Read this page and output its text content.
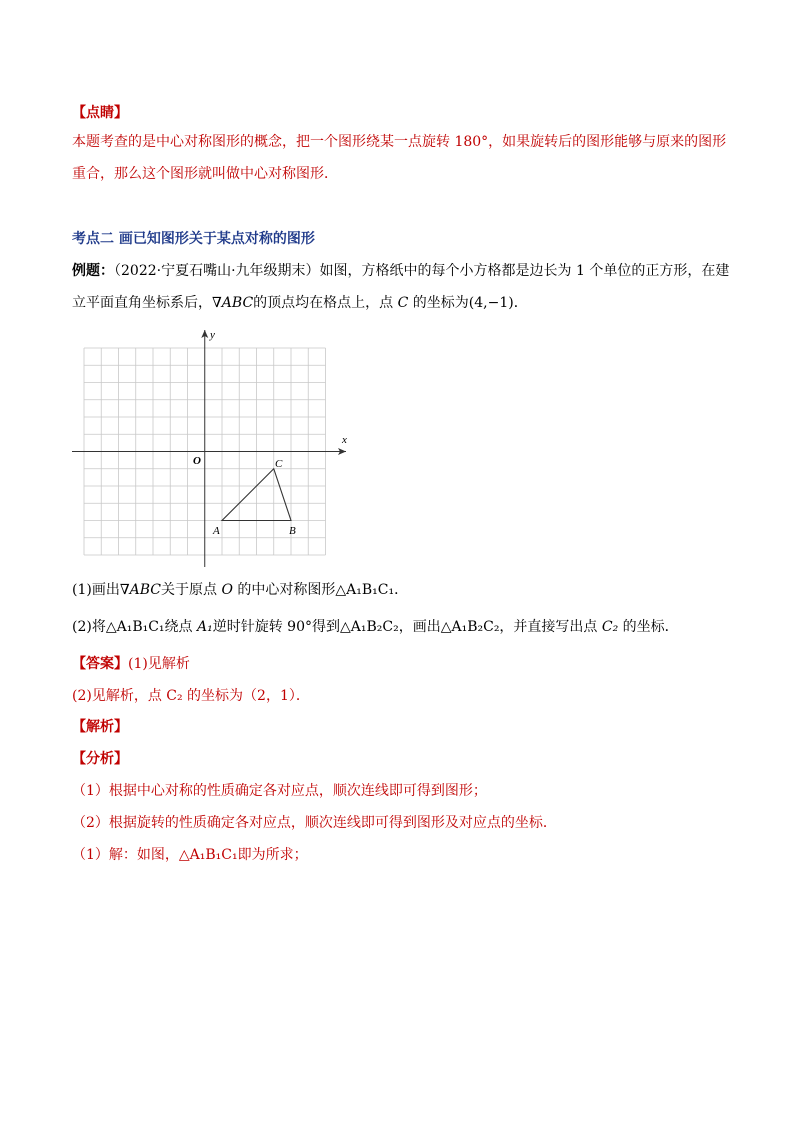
【点睛】
本题考查的是中心对称图形的概念，把一个图形绕某一点旋转 180°，如果旋转后的图形能够与原来的图形
重合，那么这个图形就叫做中心对称图形．
考点二 画已知图形关于某点对称的图形
例题：（2022·宁夏石嘴山·九年级期末）如图，方格纸中的每个小方格都是边长为 1 个单位的正方形，在建
立平面直角坐标系后，∇ABC的顶点均在格点上，点 C 的坐标为(4,−1)．
x
y
O
A	B
C
(1)画出∇ABC关于原点 O 的中心对称图形△A₁B₁C₁．
(2)将△A₁B₁C₁绕点 A₁逆时针旋转 90°得到△A₁B₂C₂，画出△A₁B₂C₂，并直接写出点 C₂ 的坐标．
【答案】(1)见解析
(2)见解析，点 C₂ 的坐标为（2，1）．
【解析】
【分析】
（1）根据中心对称的性质确定各对应点，顺次连线即可得到图形；
（2）根据旋转的性质确定各对应点，顺次连线即可得到图形及对应点的坐标．
（1）解：如图，△A₁B₁C₁即为所求；
